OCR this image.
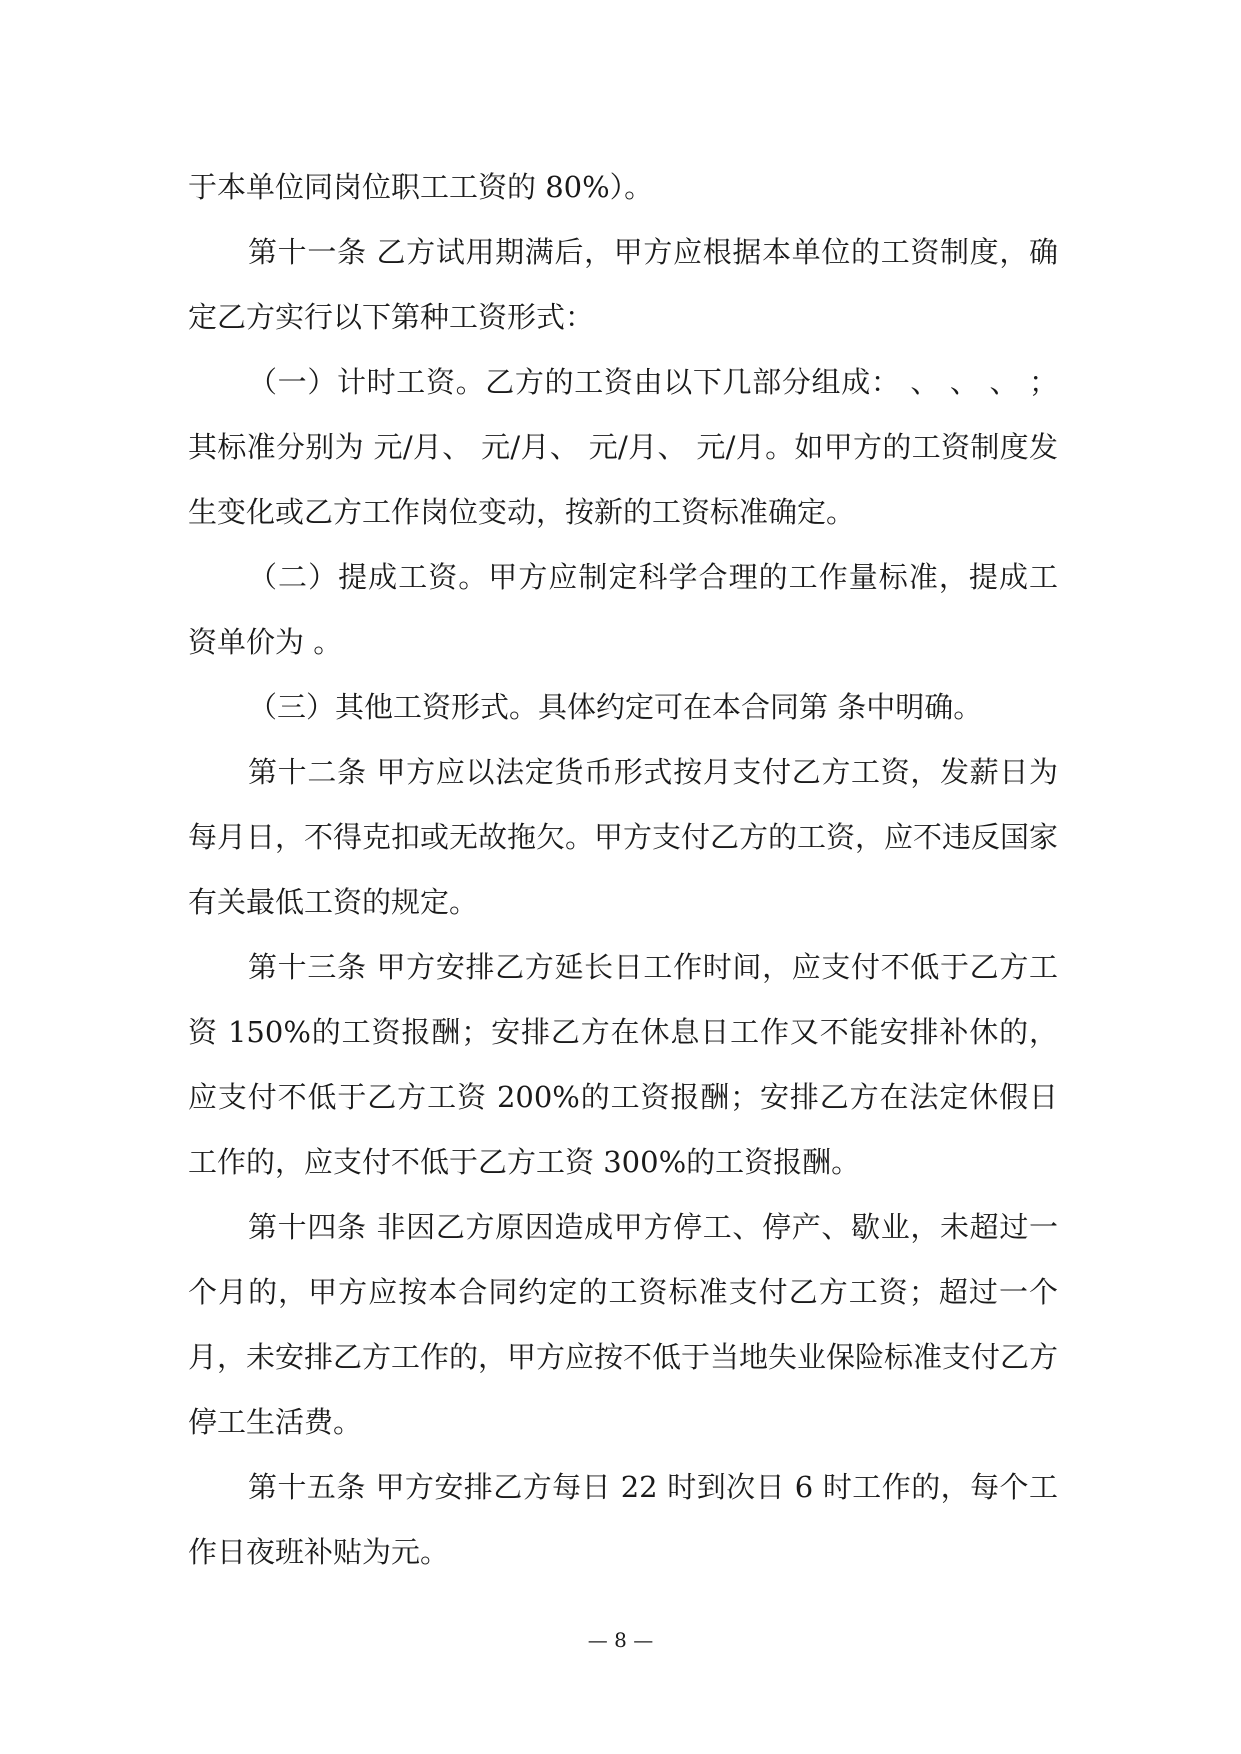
于本单位同岗位职工工资的 80%）。

第十一条 乙方试用期满后，甲方应根据本单位的工资制度，确定乙方实行以下第种工资形式：

（一）计时工资。乙方的工资由以下几部分组成： 、 、 、 ；其标准分别为 元/月、 元/月、 元/月、 元/月。如甲方的工资制度发生变化或乙方工作岗位变动，按新的工资标准确定。

（二）提成工资。甲方应制定科学合理的工作量标准，提成工资单价为 。

（三）其他工资形式。具体约定可在本合同第 条中明确。

第十二条 甲方应以法定货币形式按月支付乙方工资，发薪日为每月日，不得克扣或无故拖欠。甲方支付乙方的工资，应不违反国家有关最低工资的规定。

第十三条 甲方安排乙方延长日工作时间，应支付不低于乙方工资 150%的工资报酬；安排乙方在休息日工作又不能安排补休的，应支付不低于乙方工资 200%的工资报酬；安排乙方在法定休假日工作的，应支付不低于乙方工资 300%的工资报酬。

第十四条 非因乙方原因造成甲方停工、停产、歇业，未超过一个月的，甲方应按本合同约定的工资标准支付乙方工资；超过一个月，未安排乙方工作的，甲方应按不低于当地失业保险标准支付乙方停工生活费。

第十五条 甲方安排乙方每日 22 时到次日 6 时工作的，每个工作日夜班补贴为元。

— 8 —
